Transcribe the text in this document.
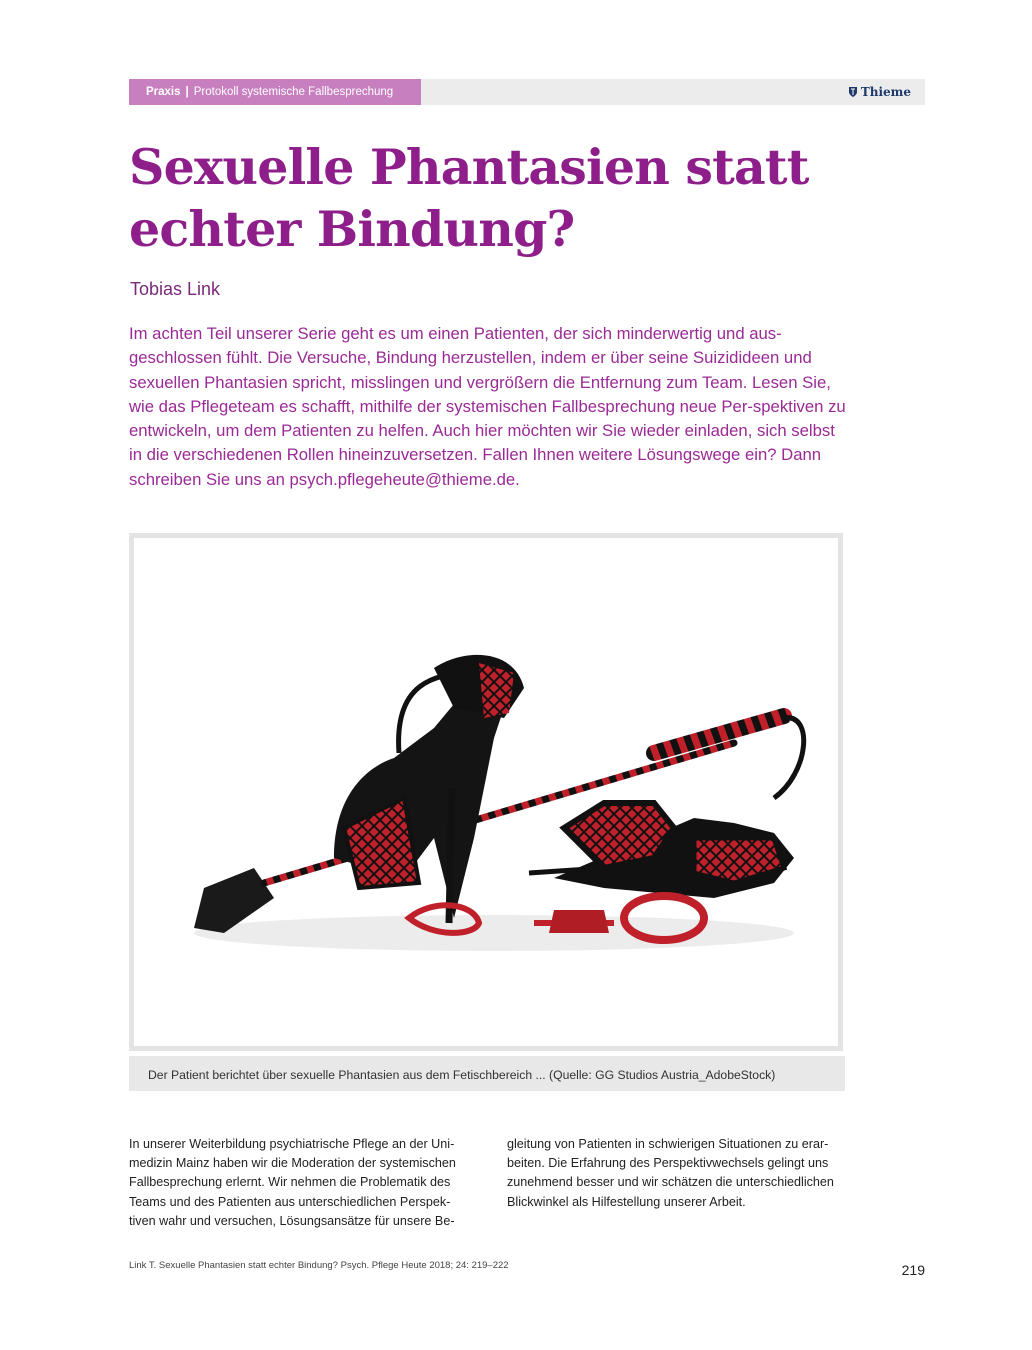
Praxis | Protokoll systemische Fallbesprechung	Thieme
Sexuelle Phantasien statt echter Bindung?
Tobias Link

Im achten Teil unserer Serie geht es um einen Patienten, der sich minderwertig und aus-geschlossen fühlt. Die Versuche, Bindung herzustellen, indem er über seine Suizidideen und sexuellen Phantasien spricht, misslingen und vergrößern die Entfernung zum Team. Lesen Sie, wie das Pflegeteam es schafft, mithilfe der systemischen Fallbesprechung neue Per-spektiven zu entwickeln, um dem Patienten zu helfen. Auch hier möchten wir Sie wieder einladen, sich selbst in die verschiedenen Rollen hineinzuversetzen. Fallen Ihnen weitere Lösungswege ein? Dann schreiben Sie uns an psych.pflegeheute@thieme.de.

Der Patient berichtet über sexuelle Phantasien aus dem Fetischbereich ... (Quelle: GG Studios Austria_AdobeStock)

In unserer Weiterbildung psychiatrische Pflege an der Uni-medizin Mainz haben wir die Moderation der systemischen Fallbesprechung erlernt. Wir nehmen die Problematik des Teams und des Patienten aus unterschiedlichen Perspek-tiven wahr und versuchen, Lösungsansätze für unsere Be-

gleitung von Patienten in schwierigen Situationen zu erar-beiten. Die Erfahrung des Perspektivwechsels gelingt uns zunehmend besser und wir schätzen die unterschiedlichen Blickwinkel als Hilfestellung unserer Arbeit.

Link T. Sexuelle Phantasien statt echter Bindung? Psych. Pflege Heute 2018; 24: 219–222	219
